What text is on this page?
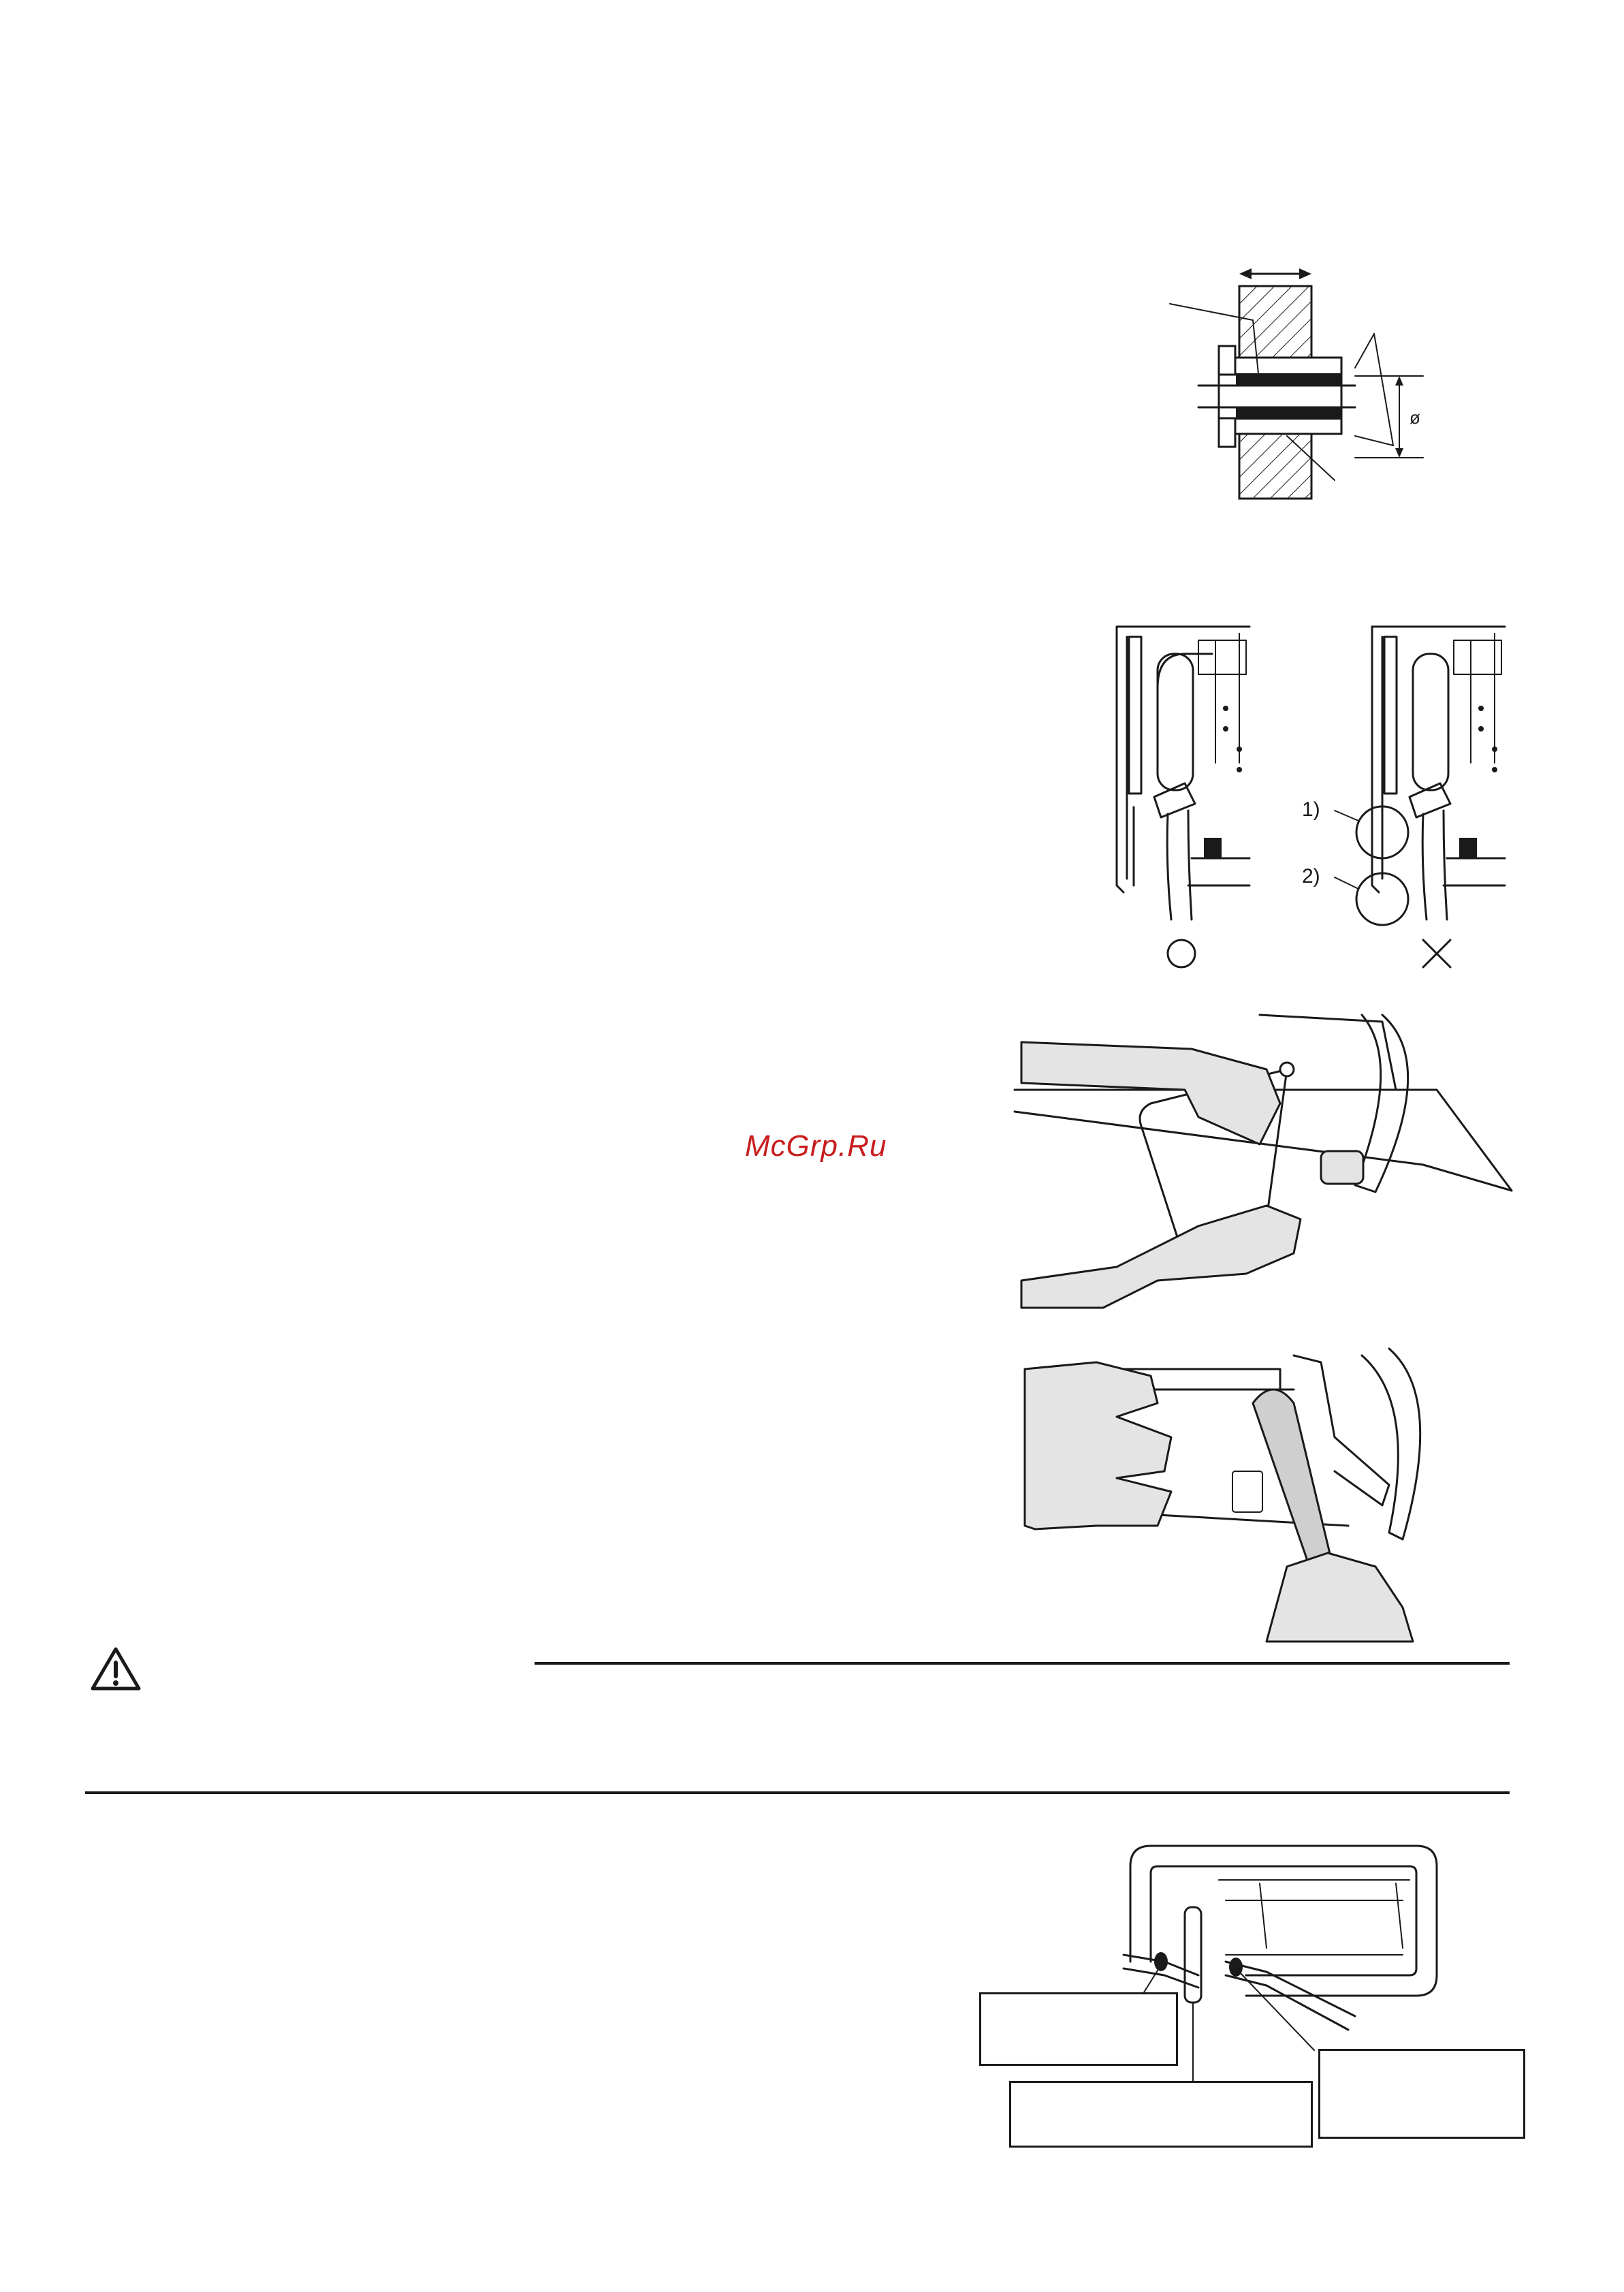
ø
1)
2)
McGrp.Ru
